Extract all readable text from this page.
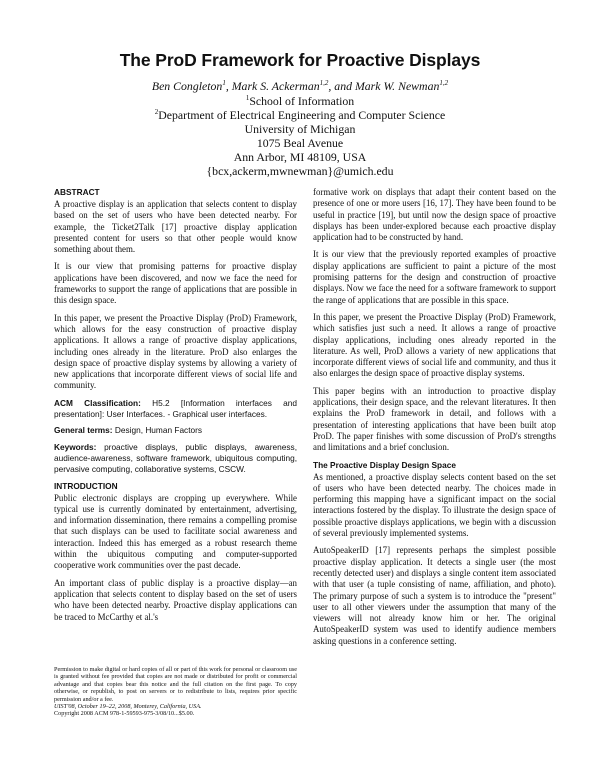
The ProD Framework for Proactive Displays
Ben Congleton$^1$, Mark S. Ackerman$^{1,2}$, and Mark W. Newman$^{1,2}$
$^1$School of Information
$^2$Department of Electrical Engineering and Computer Science
University of Michigan
1075 Beal Avenue
Ann Arbor, MI 48109, USA
{bcx,ackerm,mwnewman}@umich.edu
ABSTRACT

A proactive display is an application that selects content to display based on the set of users who have been detected nearby. For example, the Ticket2Talk [17] proactive display application presented content for users so that other people would know something about them.

It is our view that promising patterns for proactive display applications have been discovered, and now we face the need for frameworks to support the range of applications that are possible in this design space.

In this paper, we present the Proactive Display (ProD) Framework, which allows for the easy construction of proactive display applications. It allows a range of proactive display applications, including ones already in the literature. ProD also enlarges the design space of proactive display systems by allowing a variety of new applications that incorporate different views of social life and community.

ACM Classification: H5.2 [Information interfaces and presentation]: User Interfaces. - Graphical user interfaces.
General terms: Design, Human Factors
Keywords: proactive displays, public displays, awareness, audience-awareness, software framework, ubiquitous computing, pervasive computing, collaborative systems, CSCW.
INTRODUCTION

Public electronic displays are cropping up everywhere. While typical use is currently dominated by entertainment, advertising, and information dissemination, there remains a compelling promise that such displays can be used to facilitate social awareness and interaction. Indeed this has emerged as a robust research theme within the ubiquitous computing and computer-supported cooperative work communities over the past decade.

An important class of public display is a proactive display—an application that selects content to display based on the set of users who have been detected nearby. Proactive display applications can be traced to McCarthy et al.'s

Permission to make digital or hard copies of all or part of this work for personal or classroom use is granted without fee provided that copies are not made or distributed for profit or commercial advantage and that copies bear this notice and the full citation on the first page. To copy otherwise, or republish, to post on servers or to redistribute to lists, requires prior specific permission and/or a fee.
UIST'08, October 19–22, 2008, Monterey, California, USA.
Copyright 2008 ACM 978-1-59593-975-3/08/10...$5.00.

formative work on displays that adapt their content based on the presence of one or more users [16, 17]. They have been found to be useful in practice [19], but until now the design space of proactive displays has been under-explored because each proactive display application had to be constructed by hand.

It is our view that the previously reported examples of proactive display applications are sufficient to paint a picture of the most promising patterns for the design and construction of proactive displays. Now we face the need for a software framework to support the range of applications that are possible in this space.

In this paper, we present the Proactive Display (ProD) Framework, which satisfies just such a need. It allows a range of proactive display applications, including ones already reported in the literature. As well, ProD allows a variety of new applications that incorporate different views of social life and community, and thus it also enlarges the design space of proactive display systems.

This paper begins with an introduction to proactive display applications, their design space, and the relevant literatures. It then explains the ProD framework in detail, and follows with a presentation of interesting applications that have been built atop ProD. The paper finishes with some discussion of ProD's strengths and limitations and a brief conclusion.

The Proactive Display Design Space

As mentioned, a proactive display selects content based on the set of users who have been detected nearby. The choices made in performing this mapping have a significant impact on the social interactions fostered by the display. To illustrate the design space of possible proactive displays applications, we begin with a discussion of several previously implemented systems.

AutoSpeakerID [17] represents perhaps the simplest possible proactive display application. It detects a single user (the most recently detected user) and displays a single content item associated with that user (a tuple consisting of name, affiliation, and photo). The primary purpose of such a system is to introduce the "present" user to all other viewers under the assumption that many of the viewers will not already know him or her. The original AutoSpeakerID system was used to identify audience members asking questions in a conference setting.
